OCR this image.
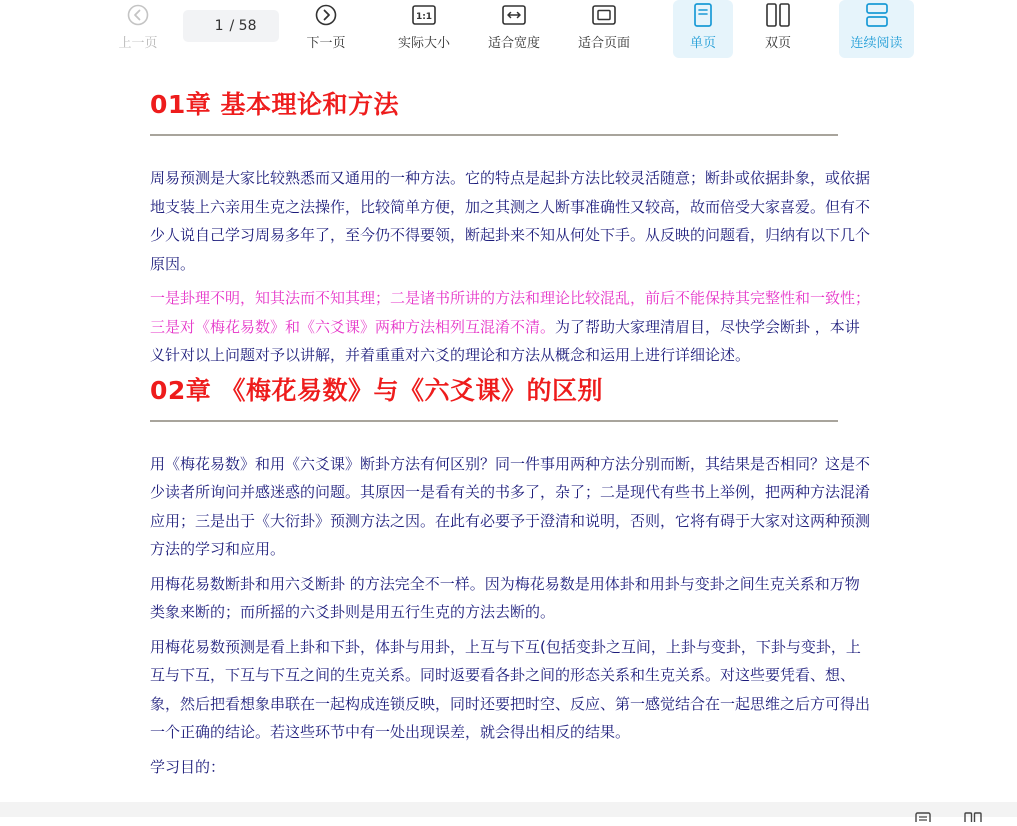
上一页
1
/ 58
下一页
1:1
实际大小	适合宽度	适合页面	单页	双页	连续阅读
01章 基本理论和方法

周易预测是大家比较熟悉而又通用的一种方法。它的特点是起卦方法比较灵活随意；断卦或依据卦象，或依据地支装上六亲用生克之法操作，比较简单方便，加之其测之人断事准确性又较高，故而倍受大家喜爱。但有不少人说自己学习周易多年了，至今仍不得要领，断起卦来不知从何处下手。从反映的问题看，归纳有以下几个原因。

一是卦理不明，知其法而不知其理；二是诸书所讲的方法和理论比较混乱，前后不能保持其完整性和一致性；三是对《梅花易数》和《六爻课》两种方法相列互混淆不清。为了帮助大家理清眉目，尽快学会断卦 ，本讲义针对以上问题对予以讲解，并着重重对六爻的理论和方法从概念和运用上进行详细论述。

02章 《梅花易数》与《六爻课》的区别

用《梅花易数》和用《六爻课》断卦方法有何区别？同一件事用两种方法分别而断，其结果是否相同？这是不少读者所询问并感迷惑的问题。其原因一是看有关的书多了，杂了；二是现代有些书上举例，把两种方法混淆应用；三是出于《大衍卦》预测方法之因。在此有必要予于澄清和说明，否则，它将有碍于大家对这两种预测方法的学习和应用。

用梅花易数断卦和用六爻断卦 的方法完全不一样。因为梅花易数是用体卦和用卦与变卦之间生克关系和万物类象来断的；而所摇的六爻卦则是用五行生克的方法去断的。

用梅花易数预测是看上卦和下卦，体卦与用卦，上互与下互(包括变卦之互间，上卦与变卦，下卦与变卦，上互与下互，下互与下互之间的生克关系。同时返要看各卦之间的形态关系和生克关系。对这些要凭看、想、象，然后把看想象串联在一起构成连锁反映，同时还要把时空、反应、第一感觉结合在一起思维之后方可得出一个正确的结论。若这些环节中有一处出现误差，就会得出相反的结果。

学习目的：
